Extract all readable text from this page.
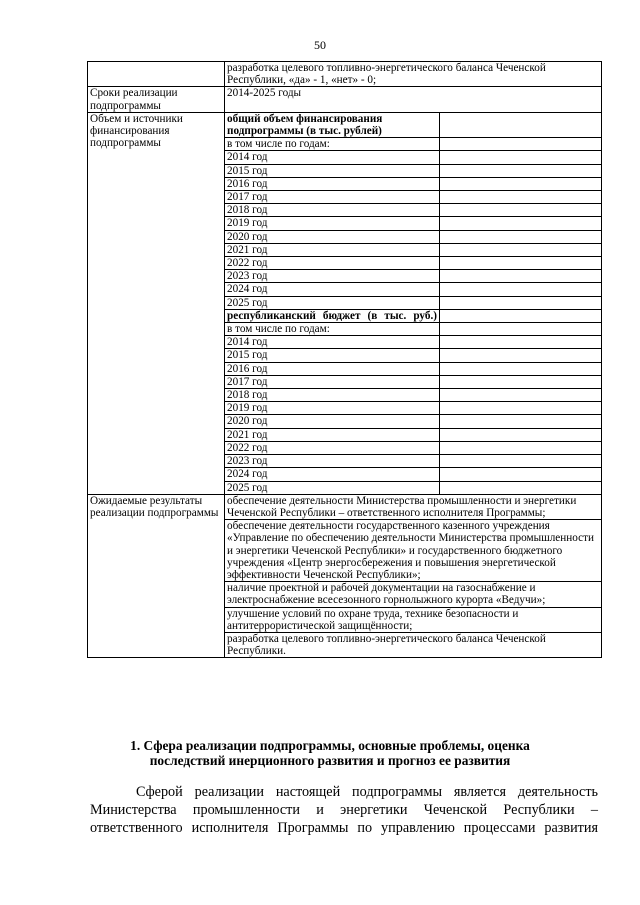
50
	разработка целевого топливно-энергетического баланса Чеченской Республики, «да» - 1, «нет» - 0;	
Сроки реализации подпрограммы	2014-2025 годы	
Объем и источники финансирования подпрограммы	общий объем финансирования подпрограммы (в тыс. рублей)	
	в том числе по годам:	
	2014 год	
	2015 год	
	2016 год	
	2017 год	
	2018 год	
	2019 год	
	2020 год	
	2021 год	
	2022 год	
	2023 год	
	2024 год	
	2025 год	
	республиканский бюджет (в тыс. руб.)	
	в том числе по годам:	
	2014 год	
	2015 год	
	2016 год	
	2017 год	
	2018 год	
	2019 год	
	2020 год	
	2021 год	
	2022 год	
	2023 год	
	2024 год	
	2025 год	
Ожидаемые результаты реализации подпрограммы	обеспечение деятельности Министерства промышленности и энергетики Чеченской Республики – ответственного исполнителя Программы;	
	обеспечение деятельности государственного казенного учреждения «Управление по обеспечению деятельности Министерства промышленности и энергетики Чеченской Республики» и государственного бюджетного учреждения «Центр энергосбережения и повышения энергетической эффективности Чеченской Республики»;	
	наличие проектной и рабочей документации на газоснабжение и электроснабжение всесезонного горнолыжного курорта «Ведучи»;	
	улучшение условий по охране труда, технике безопасности и антитеррористической защищённости;	
	разработка целевого топливно-энергетического баланса Чеченской Республики.	
1. Сфера реализации подпрограммы, основные проблемы, оценка последствий инерционного развития и прогноз ее развития
Сферой реализации настоящей подпрограммы является деятельность
Министерства промышленности и энергетики Чеченской Республики –
ответственного исполнителя Программы по управлению процессами развития
